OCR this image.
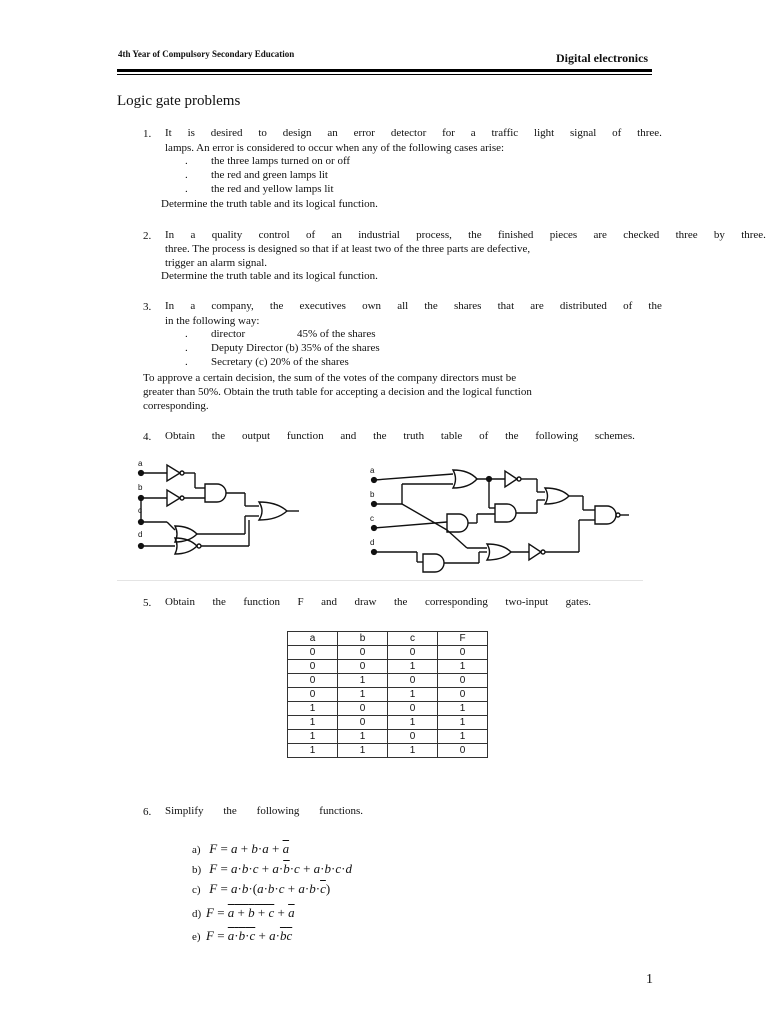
4th Year of Compulsory Secondary Education	Digital electronics
Logic gate problems
1. It is desired to design an error detector for a traffic light signal of three.
lamps. An error is considered to occur when any of the following cases arise:
. the three lamps turned on or off
. the red and green lamps lit
. the red and yellow lamps lit
Determine the truth table and its logical function.
2. In a quality control of an industrial process, the finished pieces are checked three by three.
three. The process is designed so that if at least two of the three parts are defective,
trigger an alarm signal.
Determine the truth table and its logical function.
3. In a company, the executives own all the shares that are distributed of the
in the following way:
. director	45% of the shares
. Deputy Director (b) 35% of the shares
. Secretary (c) 20% of the shares
To approve a certain decision, the sum of the votes of the company directors must be
greater than 50%. Obtain the truth table for accepting a decision and the logical function
corresponding.
4. Obtain the output function and the truth table of the following schemes.
a
b
c
d
a
b
c
d
5. Obtain the function F and draw the corresponding two-input gates.
a	b	c	F
0	0	0	0
0	0	1	1
0	1	0	0
0	1	1	0
1	0	0	1
1	0	1	1
1	1	0	1
1	1	1	0
6. Simplify the following functions.
a) $F = a + b\cdot a + \overline{a}$
b) $F = a\cdot b\cdot c + a\cdot\overline{b}\cdot c + a\cdot b\cdot c\cdot d$
c) $F = a\cdot b\cdot(a\cdot b\cdot c + a\cdot b\cdot\overline{c})$
d) $F = a + b + c + \overline{a}$
e) F = a·b·c + a·bc
1
